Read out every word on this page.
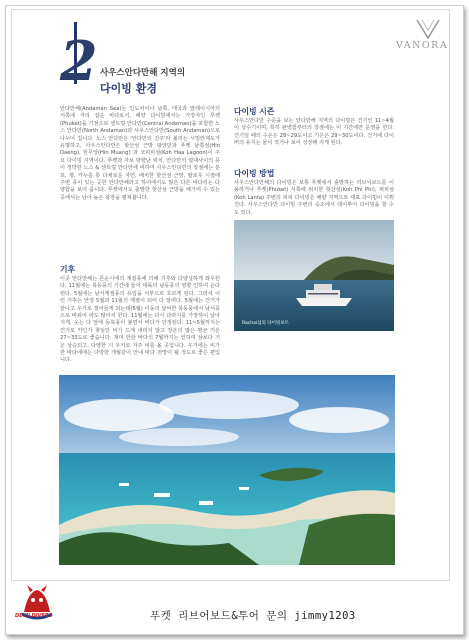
2 사우스안다만해 지역의
다이빙 환경
VANORA
안다만해(Andaman Sea)는 인도차이나 남쪽, 태국과 말레이시아의 서쪽에 자리 잡은 바다로서, 해양 다이빙에서는 가장자인 푸켓(Phuket)을 기점으로 센트럴 안다만(Central Andaman)을 포함한 노스 안다만(North Andaman)과 사우스안다만(South Andaman)으로 나누어 집니다. 노스 안다만은 '안다만의 진주'라 불리는 시밀란제도가 유명하고, 사우스안다만은 핫산섬 근방 팡앙만과 푸켓 남쪽섬(Hin Daeng), 힌무앙(Hin Muang) 과 코피피섬(Koh Haa Lagoon)이 주요 다이빙 지역이다. 푸켓과 자보 방향난 위치, 안다만의 열대사이의 풍이 정박한 노스 & 센트럴 안다만에 비하여 사우스안다만의 장점에는 분포, 평, 카누를 통 다채로운 자연, 배치한 핫산섬 근방, 팔로우 시절에 주변 풍이 있는 곳한 안다만해라고 하여에서도 많은 다른 바다리는 다양함을 보여 줍니다. 푸켓에서도 출발한 핫산섬 근방을 해가며 수 있는 곳에서는 남아 높은 광장을 펼쳐봅니다.
기후
이곳 안다만해는 몬순시에의 계절풍에 의해 기후와 다양성하게 좌우된다. 11월에는 북동풍의 기간에 들어 대륙의 남동풍의 영향 인하여 온다된다. 5월에는 남서계절풍의 유입을 서부으로 흐르게 된다. 그러셔 이런 기후는 안정 5월과 11월의 계절이 되어 다 알려다. 5월에는 건기가 끝나고 우기로 접어들게 되는데(5월) 이동의 날씨한 북동풍에서 남서풍으로 바뀌어 파도 많아지 한다. 11월에는 다시 다라지를 가장하이 날아지게, 웃는 다 앞에 동북풍이 불면서 바다가 안정된다. 11~5월까지는 건기로 카딘가 찾일만 비가 드게 내리지 않고 장온의 많은 평균 기온 27~33도로 좋습니다. 재미 안한 바다의 7월까지는 인하여 삼보다 기온 상승되고, 다양한 시 우기로 자주 비를 올 곳입니다. 우기에는 비가 한 바다에에는 다방한 개월같이 안내 바다 전망이 될 정도로 좋은 편입니다.
다이빙 시즌
사우스안다만 수준을 보는 안다만해 지역의 다이빙은 건기인 11~4월이 성수기이며, 특히 완벽함부터의 장점에는 이 기간에만 운영을 한다. 건기일 때의 수온은 28~29도이고 기온은 29~30도이다. 건기에 다이버의 유지는 물이 적거나 보이 성장해 지게 된다.
다이빙 방법
사우스안다만해의 다이빙은 보통 푸켓에서 출발하는 리브어보드를 이용하거나 푸켓(Phuket) 서쪽에 위치한 핫산섬(Koh Phi Phi), 피피섬(Koh Lanta) 주변의 피피 다이빙은 해양 지역으로 대표 다이빙이 이뤄진다. 사우스안다만 다이빙 주변의 숙소에서 데이투어 다이빙을 할 수도 있다.
Rachai섬의 다이빙보트
DEVILDIVERS	푸켓 리브어보드&투어 문의 jimmy1203
